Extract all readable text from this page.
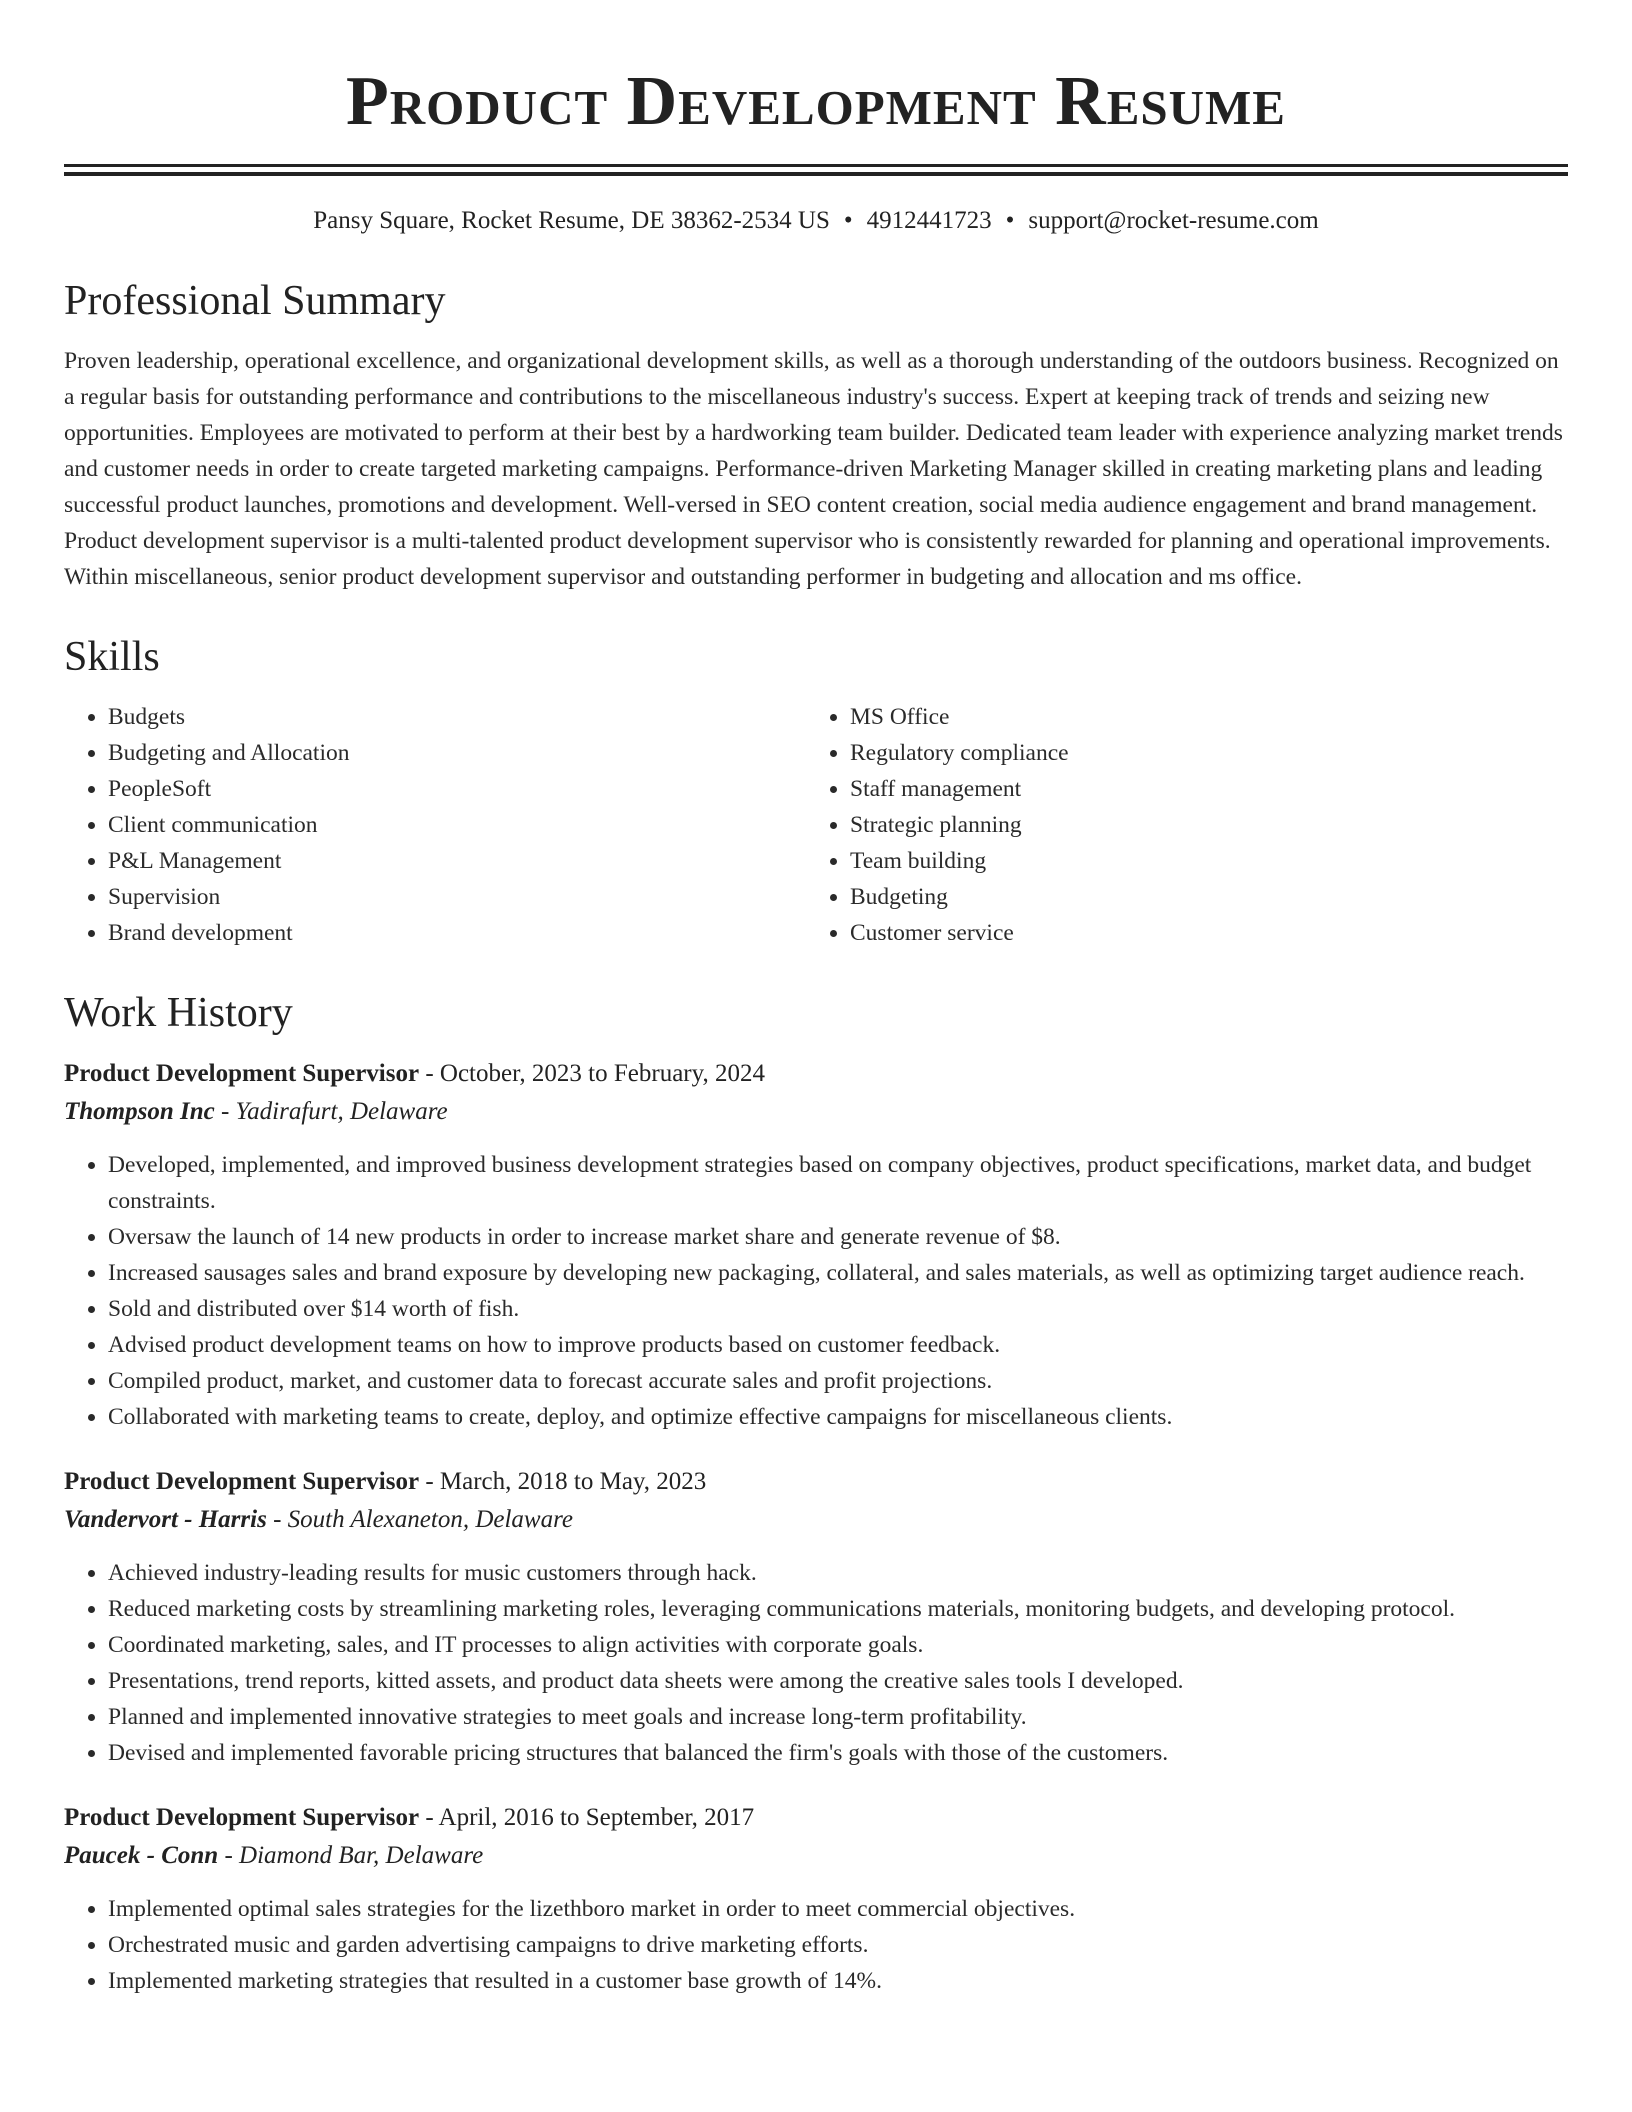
Product Development Resume
Pansy Square, Rocket Resume, DE 38362-2534 US • 4912441723 • support@rocket-resume.com
Professional Summary

Proven leadership, operational excellence, and organizational development skills, as well as a thorough understanding of the outdoors business. Recognized on a regular basis for outstanding performance and contributions to the miscellaneous industry's success. Expert at keeping track of trends and seizing new opportunities. Employees are motivated to perform at their best by a hardworking team builder. Dedicated team leader with experience analyzing market trends and customer needs in order to create targeted marketing campaigns. Performance-driven Marketing Manager skilled in creating marketing plans and leading successful product launches, promotions and development. Well-versed in SEO content creation, social media audience engagement and brand management. Product development supervisor is a multi-talented product development supervisor who is consistently rewarded for planning and operational improvements. Within miscellaneous, senior product development supervisor and outstanding performer in budgeting and allocation and ms office.

Skills
• Budgets
• Budgeting and Allocation
• PeopleSoft
• Client communication
• P&L Management
• Supervision
• Brand development
• MS Office
• Regulatory compliance
• Staff management
• Strategic planning
• Team building
• Budgeting
• Customer service
Work History
Product Development Supervisor - October, 2023 to February, 2024
Thompson Inc - Yadirafurt, Delaware
• Developed, implemented, and improved business development strategies based on company objectives, product specifications, market data, and budget constraints.
• Oversaw the launch of 14 new products in order to increase market share and generate revenue of $8.
• Increased sausages sales and brand exposure by developing new packaging, collateral, and sales materials, as well as optimizing target audience reach.
• Sold and distributed over $14 worth of fish.
• Advised product development teams on how to improve products based on customer feedback.
• Compiled product, market, and customer data to forecast accurate sales and profit projections.
• Collaborated with marketing teams to create, deploy, and optimize effective campaigns for miscellaneous clients.
Product Development Supervisor - March, 2018 to May, 2023
Vandervort - Harris - South Alexaneton, Delaware
• Achieved industry-leading results for music customers through hack.
• Reduced marketing costs by streamlining marketing roles, leveraging communications materials, monitoring budgets, and developing protocol.
• Coordinated marketing, sales, and IT processes to align activities with corporate goals.
• Presentations, trend reports, kitted assets, and product data sheets were among the creative sales tools I developed.
• Planned and implemented innovative strategies to meet goals and increase long-term profitability.
• Devised and implemented favorable pricing structures that balanced the firm's goals with those of the customers.
Product Development Supervisor - April, 2016 to September, 2017
Paucek - Conn - Diamond Bar, Delaware
• Implemented optimal sales strategies for the lizethboro market in order to meet commercial objectives.
• Orchestrated music and garden advertising campaigns to drive marketing efforts.
• Implemented marketing strategies that resulted in a customer base growth of 14%.
